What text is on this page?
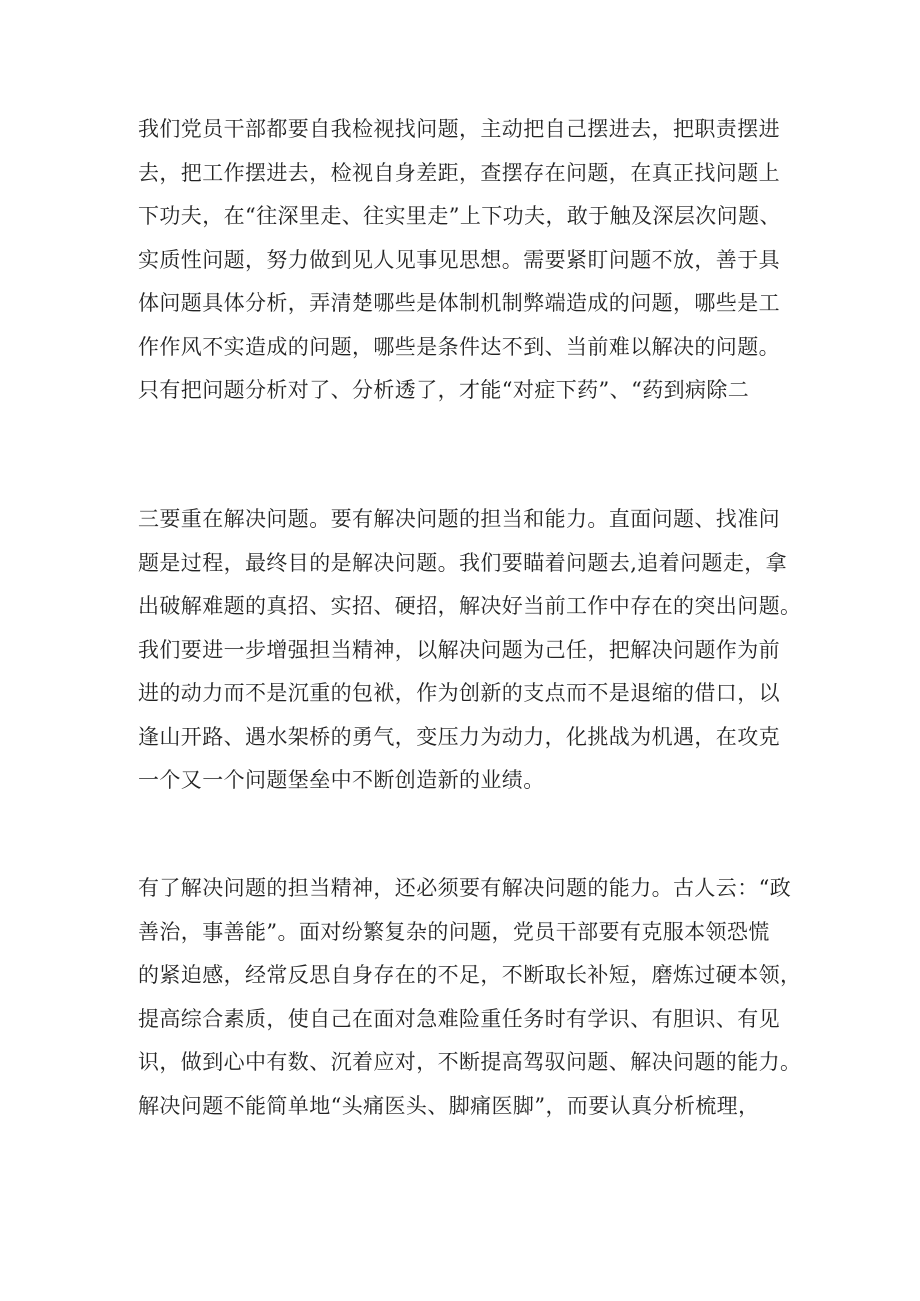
我们党员干部都要自我检视找问题，主动把自己摆进去，把职责摆进
去，把工作摆进去，检视自身差距，查摆存在问题，在真正找问题上
下功夫，在“往深里走、往实里走”上下功夫，敢于触及深层次问题、
实质性问题，努力做到见人见事见思想。需要紧盯问题不放，善于具
体问题具体分析，弄清楚哪些是体制机制弊端造成的问题，哪些是工
作作风不实造成的问题，哪些是条件达不到、当前难以解决的问题。
只有把问题分析对了、分析透了，才能“对症下药”、“药到病除二
三要重在解决问题。要有解决问题的担当和能力。直面问题、找准问
题是过程，最终目的是解决问题。我们要瞄着问题去,追着问题走，拿
出破解难题的真招、实招、硬招，解决好当前工作中存在的突出问题。
我们要进一步增强担当精神，以解决问题为己任，把解决问题作为前
进的动力而不是沉重的包袱，作为创新的支点而不是退缩的借口，以
逢山开路、遇水架桥的勇气，变压力为动力，化挑战为机遇，在攻克
一个又一个问题堡垒中不断创造新的业绩。
有了解决问题的担当精神，还必须要有解决问题的能力。古人云：“政
善治，事善能”。面对纷繁复杂的问题，党员干部要有克服本领恐慌
的紧迫感，经常反思自身存在的不足，不断取长补短，磨炼过硬本领，
提高综合素质，使自己在面对急难险重任务时有学识、有胆识、有见
识，做到心中有数、沉着应对，不断提高驾驭问题、解决问题的能力。
解决问题不能简单地“头痛医头、脚痛医脚”，而要认真分析梳理，
